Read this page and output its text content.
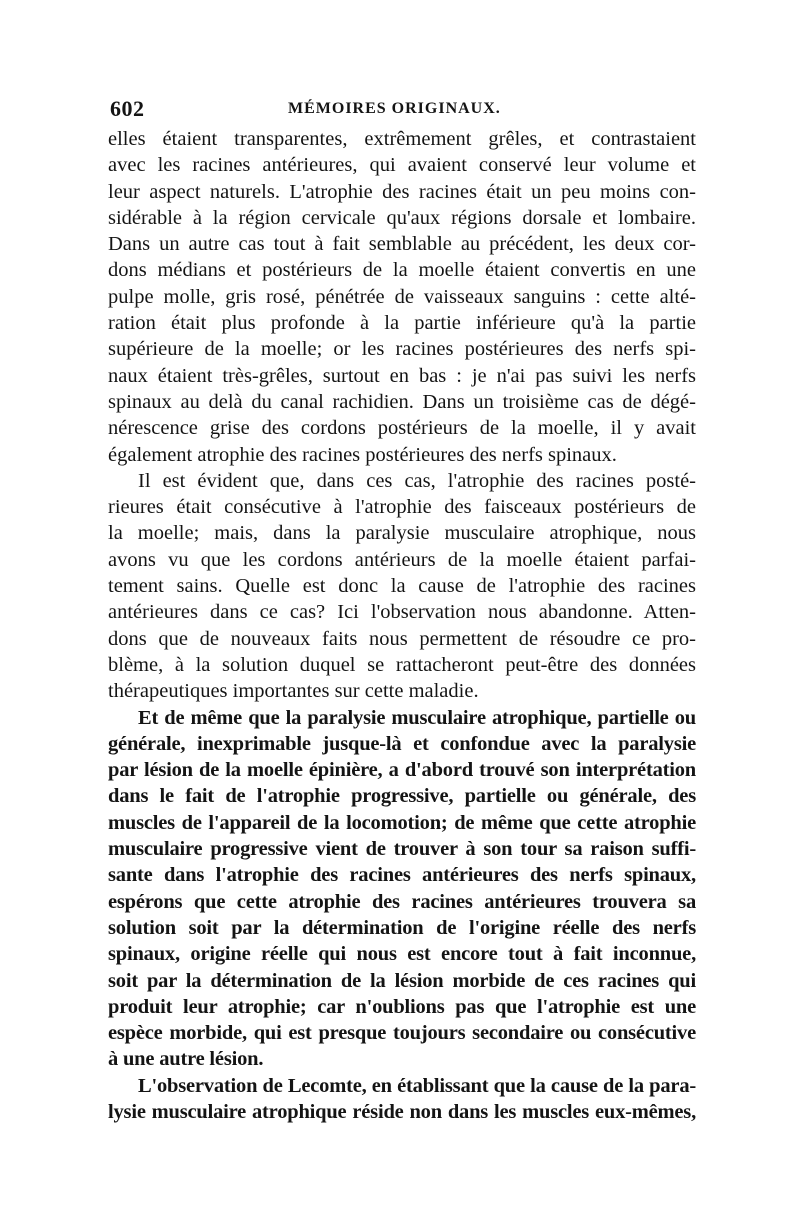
602	MÉMOIRES ORIGINAUX.
elles étaient transparentes, extrêmement grêles, et contrastaient
avec les racines antérieures, qui avaient conservé leur volume et
leur aspect naturels. L'atrophie des racines était un peu moins con-
sidérable à la région cervicale qu'aux régions dorsale et lombaire.
Dans un autre cas tout à fait semblable au précédent, les deux cor-
dons médians et postérieurs de la moelle étaient convertis en une
pulpe molle, gris rosé, pénétrée de vaisseaux sanguins : cette alté-
ration était plus profonde à la partie inférieure qu'à la partie
supérieure de la moelle; or les racines postérieures des nerfs spi-
naux étaient très-grêles, surtout en bas : je n'ai pas suivi les nerfs
spinaux au delà du canal rachidien. Dans un troisième cas de dégé-
nérescence grise des cordons postérieurs de la moelle, il y avait
également atrophie des racines postérieures des nerfs spinaux.
Il est évident que, dans ces cas, l'atrophie des racines posté-
rieures était consécutive à l'atrophie des faisceaux postérieurs de
la moelle; mais, dans la paralysie musculaire atrophique, nous
avons vu que les cordons antérieurs de la moelle étaient parfai-
tement sains. Quelle est donc la cause de l'atrophie des racines
antérieures dans ce cas? Ici l'observation nous abandonne. Atten-
dons que de nouveaux faits nous permettent de résoudre ce pro-
blème, à la solution duquel se rattacheront peut-être des données
thérapeutiques importantes sur cette maladie.
Et de même que la paralysie musculaire atrophique, partielle ou
générale, inexprimable jusque-là et confondue avec la paralysie
par lésion de la moelle épinière, a d'abord trouvé son interprétation
dans le fait de l'atrophie progressive, partielle ou générale, des
muscles de l'appareil de la locomotion; de même que cette atrophie
musculaire progressive vient de trouver à son tour sa raison suffi-
sante dans l'atrophie des racines antérieures des nerfs spinaux,
espérons que cette atrophie des racines antérieures trouvera sa
solution soit par la détermination de l'origine réelle des nerfs
spinaux, origine réelle qui nous est encore tout à fait inconnue,
soit par la détermination de la lésion morbide de ces racines qui
produit leur atrophie; car n'oublions pas que l'atrophie est une
espèce morbide, qui est presque toujours secondaire ou consécutive
à une autre lésion.
L'observation de Lecomte, en établissant que la cause de la para-
lysie musculaire atrophique réside non dans les muscles eux-mêmes,
